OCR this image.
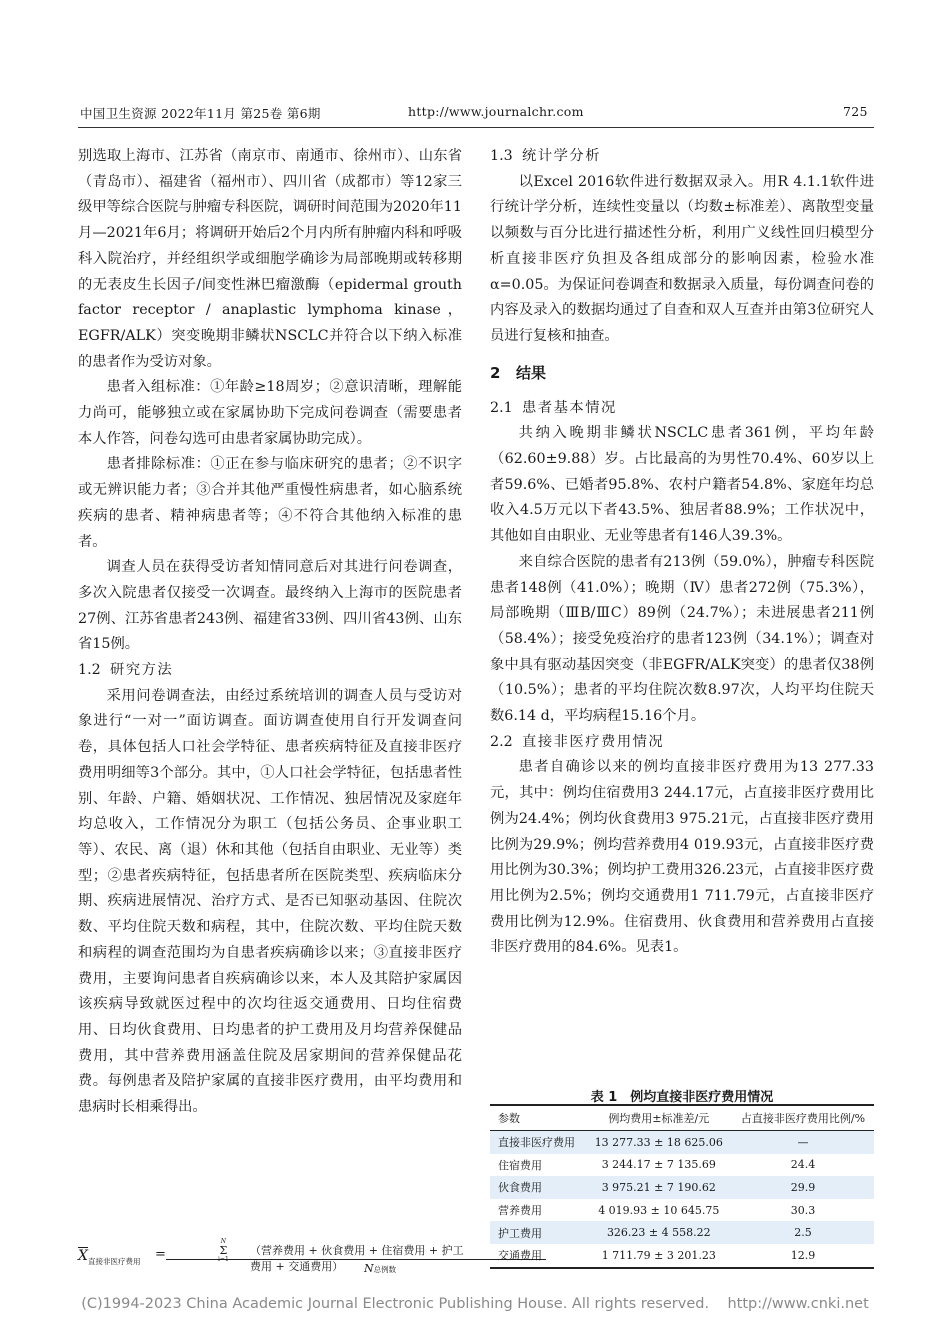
中国卫生资源 2022年11月 第25卷 第6期	http://www.journalchr.com	725

别选取上海市、江苏省（南京市、南通市、徐州市）、山东省（青岛市）、福建省（福州市）、四川省（成都市）等12家三级甲等综合医院与肿瘤专科医院，调研时间范围为2020年11月—2021年6月；将调研开始后2个月内所有肿瘤内科和呼吸科入院治疗，并经组织学或细胞学确诊为局部晚期或转移期的无表皮生长因子/间变性淋巴瘤激酶（epidermal grouth factor receptor / anaplastic lymphoma kinase，EGFR/ALK）突变晚期非鳞状NSCLC并符合以下纳入标准的患者作为受访对象。

患者入组标准：①年龄≥18周岁；②意识清晰，理解能力尚可，能够独立或在家属协助下完成问卷调查（需要患者本人作答，问卷勾选可由患者家属协助完成）。

患者排除标准：①正在参与临床研究的患者；②不识字或无辨识能力者；③合并其他严重慢性病患者，如心脑系统疾病的患者、精神病患者等；④不符合其他纳入标准的患者。

调查人员在获得受访者知情同意后对其进行问卷调查，多次入院患者仅接受一次调查。最终纳入上海市的医院患者27例、江苏省患者243例、福建省33例、四川省43例、山东省15例。

1.2 研究方法

采用问卷调查法，由经过系统培训的调查人员与受访对象进行“一对一”面访调查。面访调查使用自行开发调查问卷，具体包括人口社会学特征、患者疾病特征及直接非医疗费用明细等3个部分。其中，①人口社会学特征，包括患者性别、年龄、户籍、婚姻状况、工作情况、独居情况及家庭年均总收入，工作情况分为职工（包括公务员、企事业职工等）、农民、离（退）休和其他（包括自由职业、无业等）类型；②患者疾病特征，包括患者所在医院类型、疾病临床分期、疾病进展情况、治疗方式、是否已知驱动基因、住院次数、平均住院天数和病程，其中，住院次数、平均住院天数和病程的调查范围均为自患者疾病确诊以来；③直接非医疗费用，主要询问患者自疾病确诊以来，本人及其陪护家属因该疾病导致就医过程中的次均往返交通费用、日均住宿费用、日均伙食费用、日均患者的护工费用及月均营养保健品费用，其中营养费用涵盖住院及居家期间的营养保健品花费。每例患者及陪护家属的直接非医疗费用，由平均费用和患病时长相乘得出。

$\overline{X}$ 直接非医疗费用 =
N
Σ （营养费用 + 伙食费用 + 住宿费用 + 护工费用 + 交通费用）	N总例数
1.3 统计学分析

以Excel 2016软件进行数据双录入。用R 4.1.1软件进行统计学分析，连续性变量以（均数±标准差）、离散型变量以频数与百分比进行描述性分析，利用广义线性回归模型分析直接非医疗负担及各组成部分的影响因素，检验水准α=0.05。为保证问卷调查和数据录入质量，每份调查问卷的内容及录入的数据均通过了自查和双人互查并由第3位研究人员进行复核和抽查。

2 结果
2.1 患者基本情况

共纳入晚期非鳞状NSCLC患者361例，平均年龄（62.60±9.88）岁。占比最高的为男性70.4%、60岁以上者59.6%、已婚者95.8%、农村户籍者54.8%、家庭年均总收入4.5万元以下者43.5%、独居者88.9%；工作状况中，其他如自由职业、无业等患者有146人39.3%。

来自综合医院的患者有213例（59.0%），肿瘤专科医院患者148例（41.0%）；晚期（Ⅳ）患者272例（75.3%），局部晚期（ⅢB/ⅢC）89例（24.7%）；未进展患者211例（58.4%）；接受免疫治疗的患者123例（34.1%）；调查对象中具有驱动基因突变（非EGFR/ALK突变）的患者仅38例（10.5%）；患者的平均住院次数8.97次，人均平均住院天数6.14 d，平均病程15.16个月。

2.2 直接非医疗费用情况

患者自确诊以来的例均直接非医疗费用为13 277.33元，其中：例均住宿费用3 244.17元，占直接非医疗费用比例为24.4%；例均伙食费用3 975.21元，占直接非医疗费用比例为29.9%；例均营养费用4 019.93元，占直接非医疗费用比例为30.3%；例均护工费用326.23元，占直接非医疗费用比例为2.5%；例均交通费用1 711.79元，占直接非医疗费用比例为12.9%。住宿费用、伙食费用和营养费用占直接非医疗费用的84.6%。见表1。

表 1　例均直接非医疗费用情况
参数	例均费用±标准差/元	占直接非医疗费用比例/%
直接非医疗费用	13 277.33 ± 18 625.06	—
住宿费用	3 244.17 ± 7 135.69	24.4
伙食费用	3 975.21 ± 7 190.62	29.9
营养费用	4 019.93 ± 10 645.75	30.3
护工费用	326.23 ± 4 558.22	2.5
交通费用	1 711.79 ± 3 201.23	12.9
(C)1994-2023 China Academic Journal Electronic Publishing House. All rights reserved.    http://www.cnki.net
